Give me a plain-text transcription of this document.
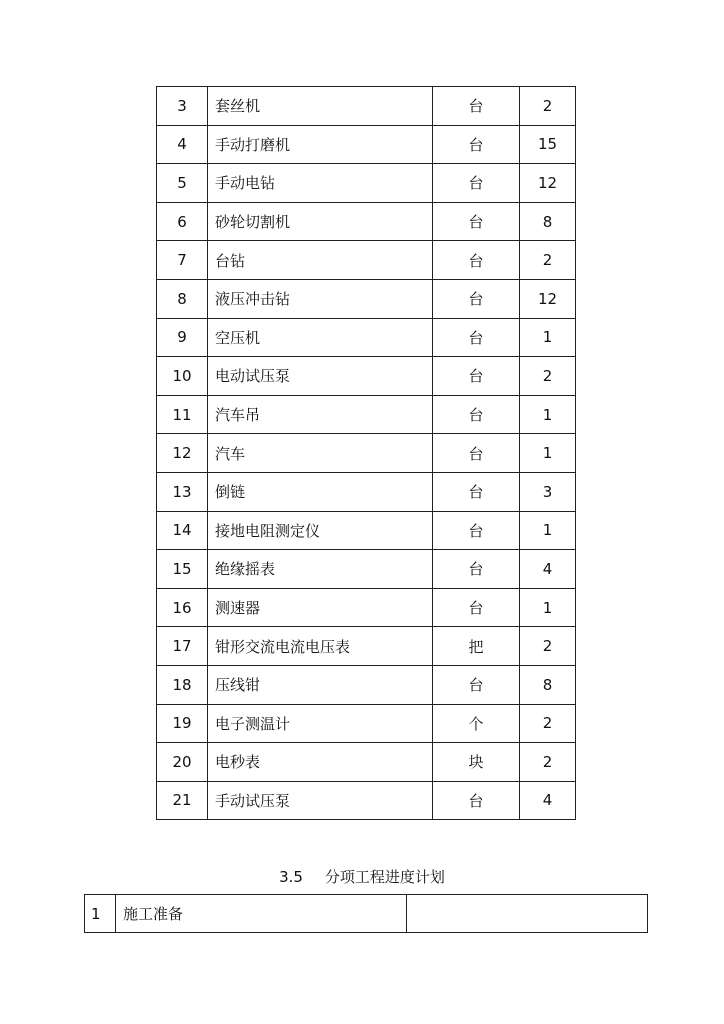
3	套丝机	台	2
4	手动打磨机	台	15
5	手动电钻	台	12
6	砂轮切割机	台	8
7	台钻	台	2
8	液压冲击钻	台	12
9	空压机	台	1
10	电动试压泵	台	2
11	汽车吊	台	1
12	汽车	台	1
13	倒链	台	3
14	接地电阻测定仪	台	1
15	绝缘摇表	台	4
16	测速器	台	1
17	钳形交流电流电压表	把	2
18	压线钳	台	8
19	电子测温计	个	2
20	电秒表	块	2
21	手动试压泵	台	4
3.5 分项工程进度计划
1	施工准备	
